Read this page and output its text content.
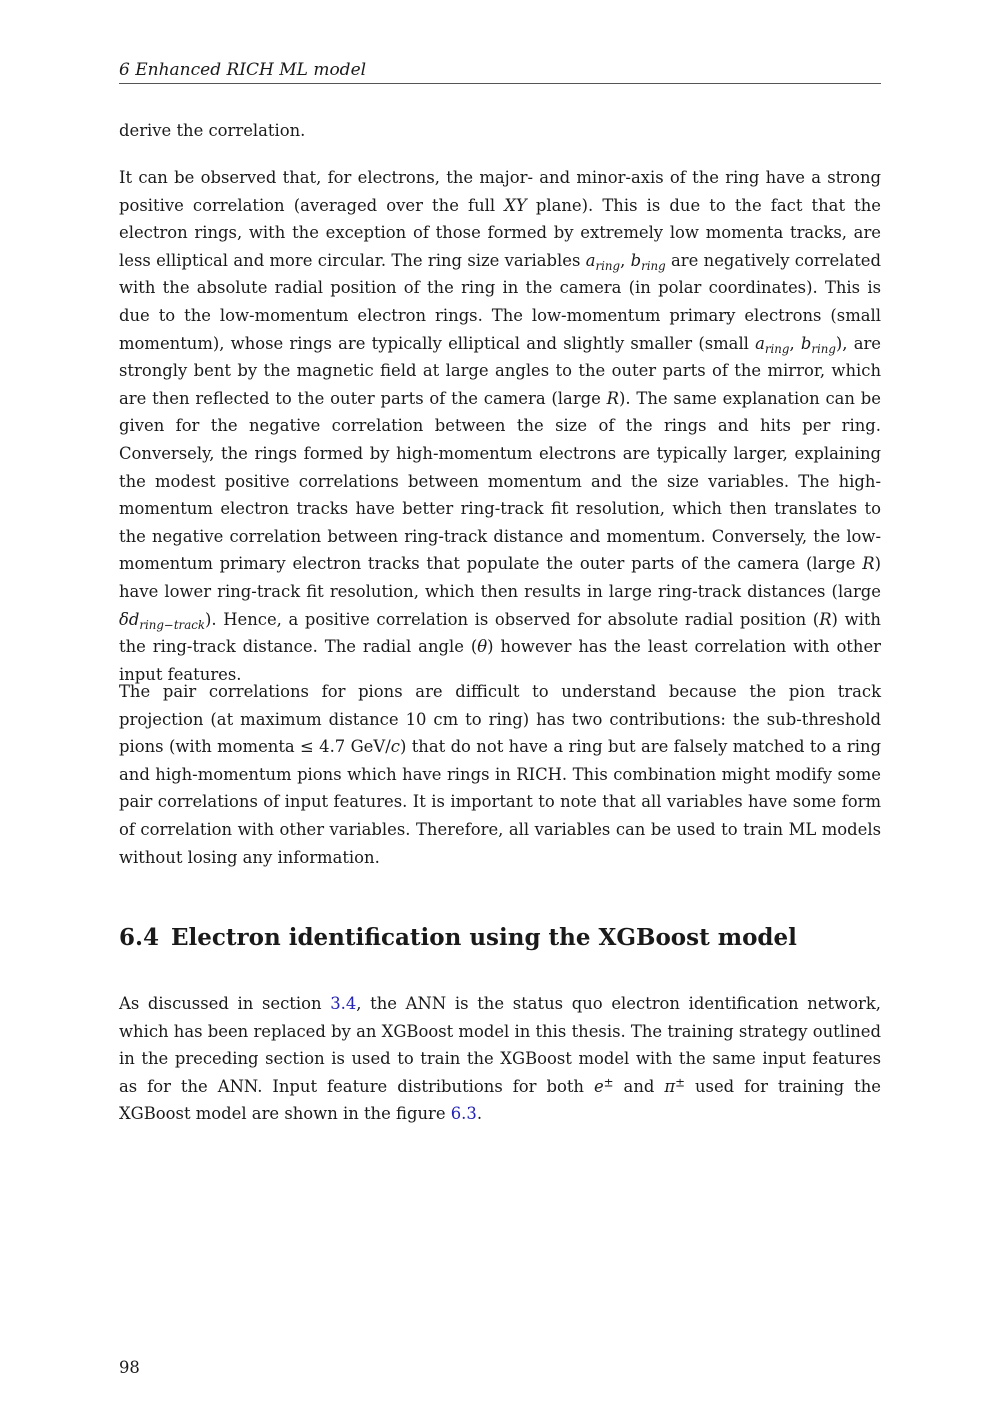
6 Enhanced RICH ML model

derive the correlation.

It can be observed that, for electrons, the major- and minor-axis of the ring have a strong positive correlation (averaged over the full XY plane). This is due to the fact that the electron rings, with the exception of those formed by extremely low momenta tracks, are less elliptical and more circular. The ring size variables $a_{ring}$, $b_{ring}$ are negatively correlated with the absolute radial position of the ring in the camera (in polar coordinates). This is due to the low-momentum electron rings. The low-momentum primary electrons (small momentum), whose rings are typically elliptical and slightly smaller (small $a_{ring}$, $b_{ring}$), are strongly bent by the magnetic field at large angles to the outer parts of the mirror, which are then reflected to the outer parts of the camera (large R). The same explanation can be given for the negative correlation between the size of the rings and hits per ring. Conversely, the rings formed by high-momentum electrons are typically larger, explaining the modest positive correlations between momentum and the size variables. The high-momentum electron tracks have better ring-track fit resolution, which then translates to the negative correlation between ring-track distance and momentum. Conversely, the low-momentum primary electron tracks that populate the outer parts of the camera (large R) have lower ring-track fit resolution, which then results in large ring-track distances (large $\delta d_{ring-track}$). Hence, a positive correlation is observed for absolute radial position (R) with the ring-track distance. The radial angle (θ) however has the least correlation with other input features.

The pair correlations for pions are difficult to understand because the pion track projection (at maximum distance 10 cm to ring) has two contributions: the sub-threshold pions (with momenta ≤ 4.7 GeV/c) that do not have a ring but are falsely matched to a ring and high-momentum pions which have rings in RICH. This combination might modify some pair correlations of input features. It is important to note that all variables have some form of correlation with other variables. Therefore, all variables can be used to train ML models without losing any information.

6.4 Electron identification using the XGBoost model

As discussed in section 3.4, the ANN is the status quo electron identification network, which has been replaced by an XGBoost model in this thesis. The training strategy outlined in the preceding section is used to train the XGBoost model with the same input features as for the ANN. Input feature distributions for both e± and π± used for training the XGBoost model are shown in the figure 6.3.

98
